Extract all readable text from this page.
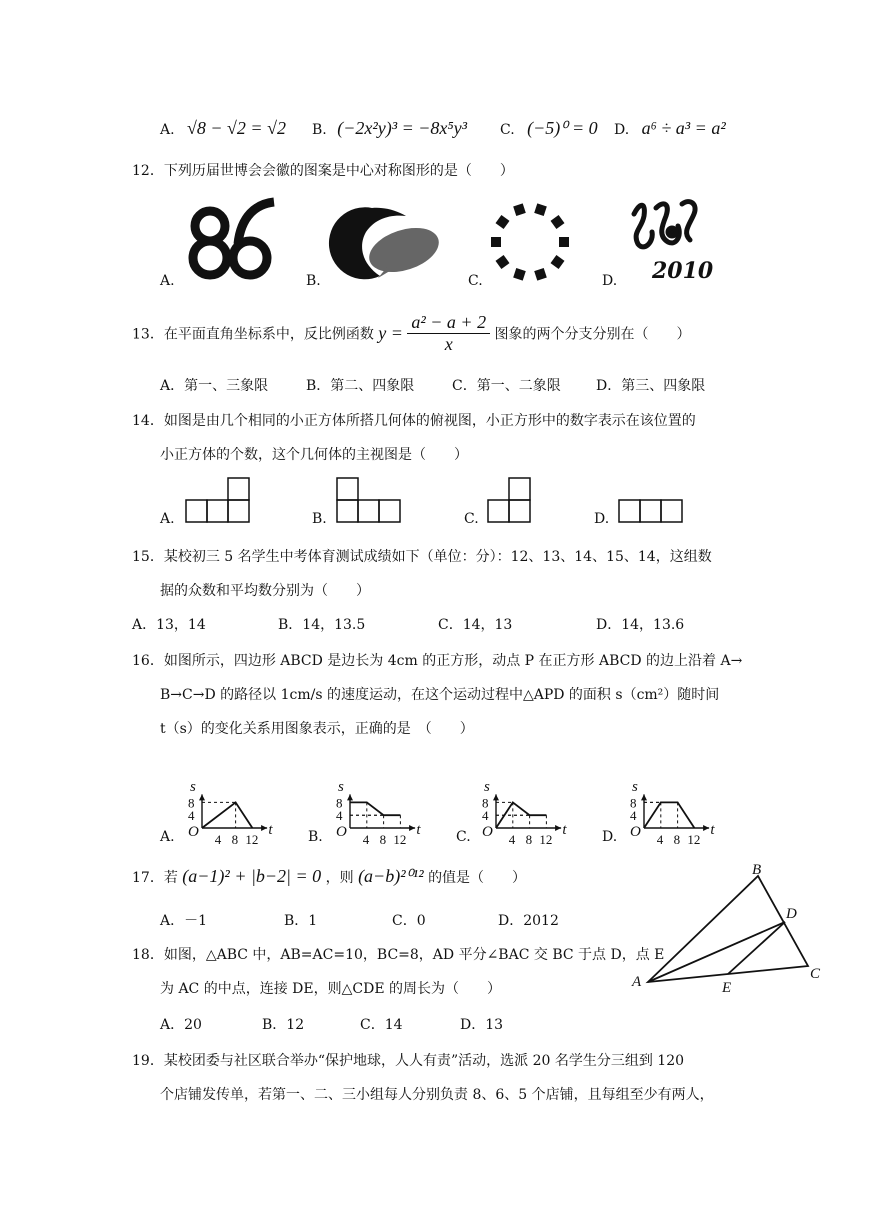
A. √8 − √2 = √2 B. (−2x²y)³ = −8x⁵y³ C. (−5)⁰ = 0 D. a⁶ ÷ a³ = a²
12．下列历届世博会会徽的图案是中心对称图形的是（　　）
A.	B.	C.	2010
D.
13．在平面直角坐标系中，反比例函数 $y = \frac{\text{a² − a + 2}}{x}$ 图象的两个分支分别在（　　）
A．第一、三象限	B．第二、四象限	C．第一、二象限	D．第三、四象限
14．如图是由几个相同的小正方体所搭几何体的俯视图，小正方形中的数字表示在该位置的
小正方体的个数，这个几何体的主视图是（　　）
A.	B.	C.	D.
15．某校初三 5 名学生中考体育测试成绩如下（单位：分）：12、13、14、15、14，这组数
据的众数和平均数分别为（　　）
A．13，14	B．14，13.5	C．14，13	D．14，13.6
16．如图所示，四边形 ABCD 是边长为 4cm 的正方形，动点 P 在正方形 ABCD 的边上沿着 A→
B→C→D 的路径以 1cm/s 的速度运动，在这个运动过程中△APD 的面积 s（cm²）随时间
t（s）的变化关系用图象表示，正确的是　（　　）
A. O	t
s
4
8
4 8 12	B. O	t
s
4
8
4 8 12	C. O	t
s
4
8
4 8 12	D. O	t
s
4
8
4 8 12
17．若 (a−1)² + |b−2| = 0 ，则 (a−b)²⁰¹² 的值是（　　）
A．－1	B．1	C．0	D．2012
A
B
C
D
E
18．如图，△ABC 中，AB=AC=10，BC=8，AD 平分∠BAC 交 BC 于点 D，点 E
为 AC 的中点，连接 DE，则△CDE 的周长为（　　）
A．20	B．12	C．14	D．13
19．某校团委与社区联合举办“保护地球，人人有责”活动，选派 20 名学生分三组到 120
个店铺发传单，若第一、二、三小组每人分别负责 8、6、5 个店铺，且每组至少有两人，
